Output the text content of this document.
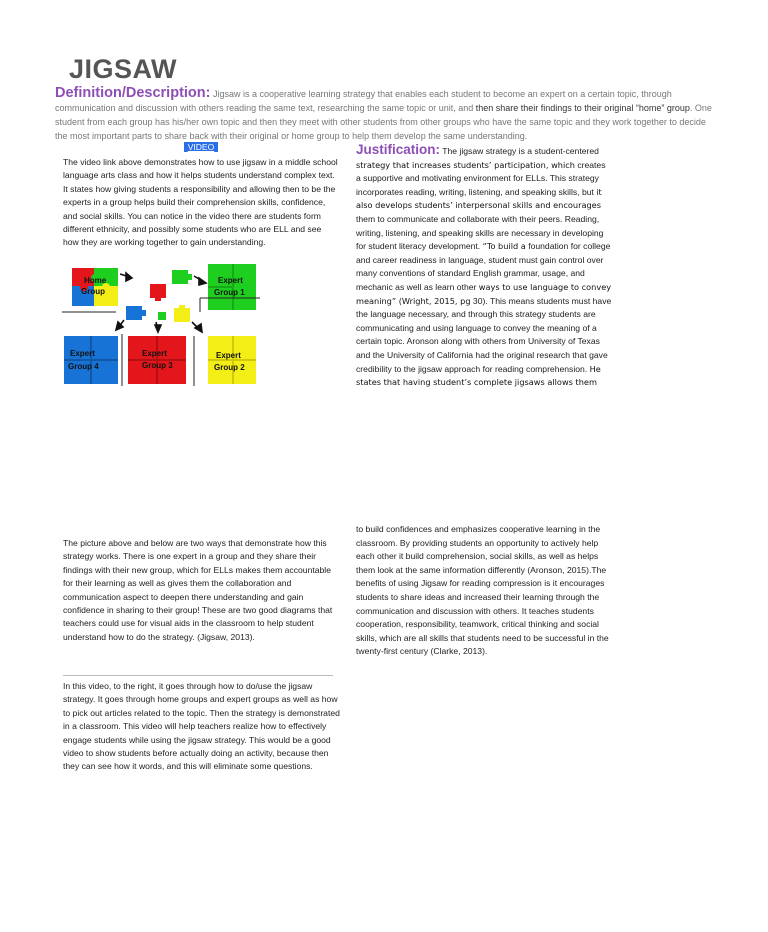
JIGSAW
Definition/Description: Jigsaw is a cooperative learning strategy that enables each student to become an expert on a certain topic, through communication and discussion with others reading the same text, researching the same topic or unit, and then share their findings to their original “home” group. One student from each group has his/her own topic and then they meet with other students from other groups who have the same topic and they work together to decide the most important parts to share back with their original or home group to help them develop the same understanding.
VIDEO
The video link above demonstrates how to use jigsaw in a middle school language arts class and how it helps students understand complex text. It states how giving students a responsibility and allowing then to be the experts in a group helps build their comprehension skills, confidence, and social skills. You can notice in the video there are students form different ethnicity, and possibly some students who are ELL and see how they are working together to gain understanding.
Home
Group
Expert
Group 1
Expert
Group 4
Expert
Group 3
Expert
Group 2
Justification: The jigsaw strategy is a student-centered strategy that increases students’ participation, which creates a supportive and motivating environment for ELLs. This strategy incorporates reading, writing, listening, and speaking skills, but it also develops students’ interpersonal skills and encourages them to communicate and collaborate with their peers. Reading, writing, listening, and speaking skills are necessary in developing for student literacy development. “To build a foundation for college and career readiness in language, student must gain control over many conventions of standard English grammar, usage, and mechanic as well as learn other ways to use language to convey meaning” (Wright, 2015, pg 30). This means students must have the language necessary, and through this strategy students are communicating and using language to convey the meaning of a certain topic. Aronson along with others from University of Texas and the University of California had the original research that gave credibility to the jigsaw approach for reading comprehension. He states that having student’s complete jigsaws allows them
The picture above and below are two ways that demonstrate how this strategy works. There is one expert in a group and they share their findings with their new group, which for ELLs makes them accountable for their learning as well as gives them the collaboration and communication aspect to deepen there understanding and gain confidence in sharing to their group! These are two good diagrams that teachers could use for visual aids in the classroom to help student understand how to do the strategy. (Jigsaw, 2013).
In this video, to the right, it goes through how to do/use the jigsaw strategy. It goes through home groups and expert groups as well as how to pick out articles related to the topic. Then the strategy is demonstrated in a classroom. This video will help teachers realize how to effectively engage students while using the jigsaw strategy. This would be a good video to show students before actually doing an activity, because then they can see how it words, and this will eliminate some questions.
to build confidences and emphasizes cooperative learning in the classroom. By providing students an opportunity to actively help each other it build comprehension, social skills, as well as helps them look at the same information differently (Aronson, 2015).The benefits of using Jigsaw for reading compression is it encourages students to share ideas and increased their learning through the communication and discussion with others. It teaches students cooperation, responsibility, teamwork, critical thinking and social skills, which are all skills that students need to be successful in the twenty-first century (Clarke, 2013).
